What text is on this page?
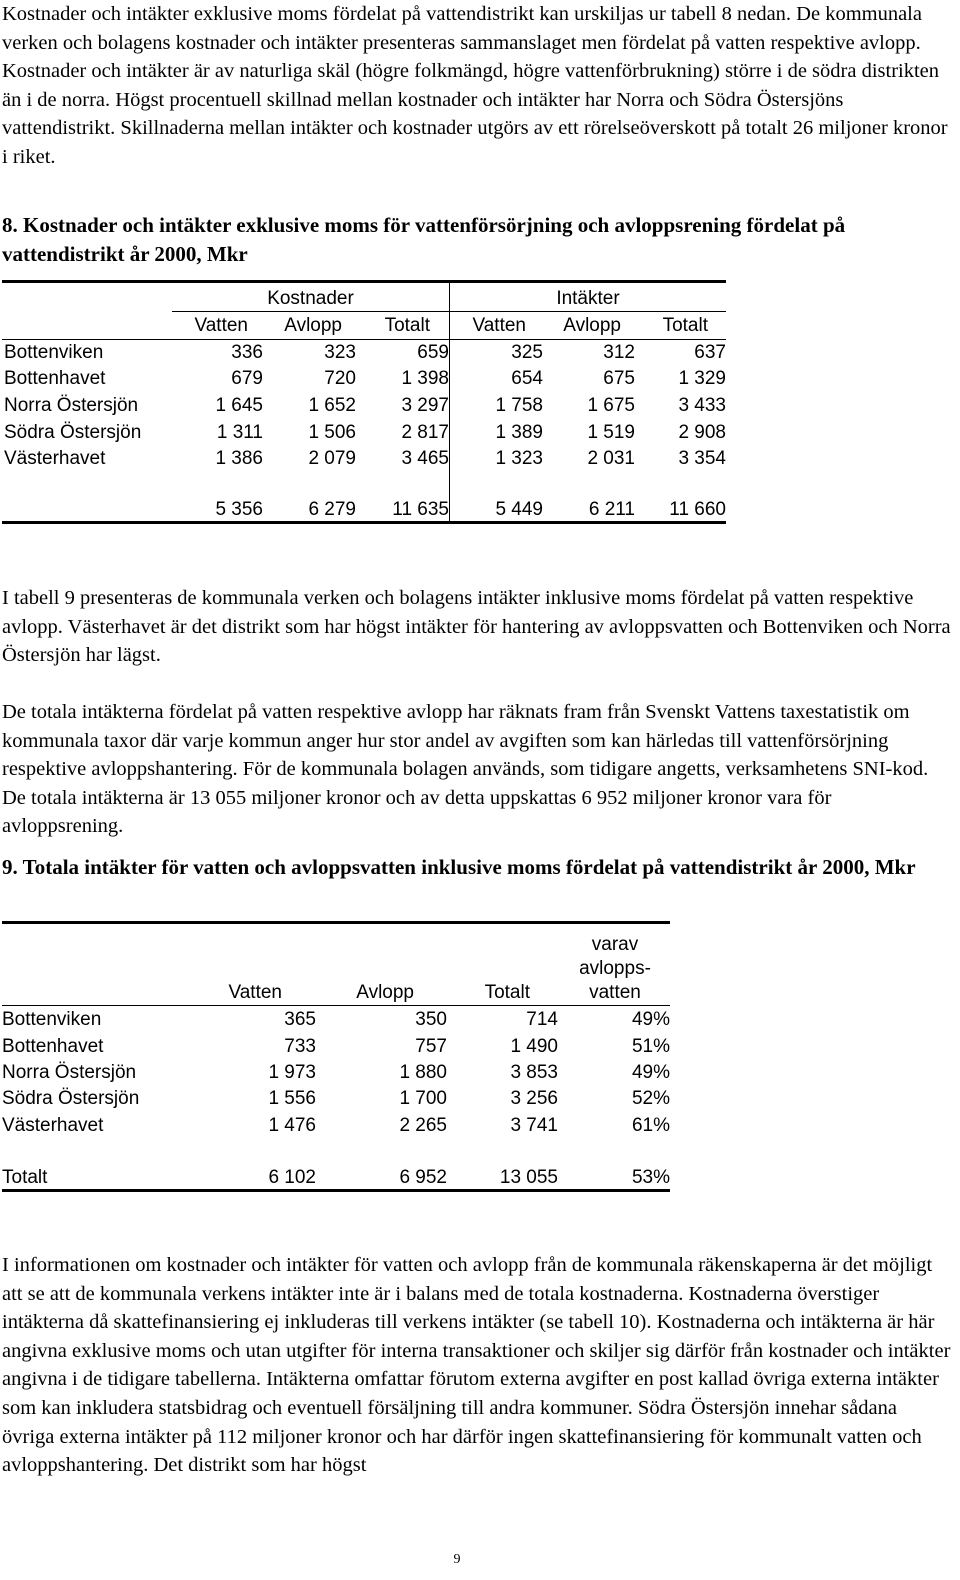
Kostnader och intäkter exklusive moms fördelat på vattendistrikt kan urskiljas ur tabell 8 nedan. De kommunala verken och bolagens kostnader och intäkter presenteras sammanslaget men fördelat på vatten respektive avlopp. Kostnader och intäkter är av naturliga skäl (högre folkmängd, högre vattenförbrukning) större i de södra distrikten än i de norra. Högst procentuell skillnad mellan kostnader och intäkter har Norra och Södra Östersjöns vattendistrikt. Skillnaderna mellan intäkter och kostnader utgörs av ett rörelseöverskott på totalt 26 miljoner kronor i riket.

8. Kostnader och intäkter exklusive moms för vattenförsörjning och avloppsrening fördelat på vattendistrikt år 2000, Mkr

Kostnader	Intäkter
Vatten	Avlopp	Totalt	Vatten	Avlopp	Totalt
Bottenviken	336	323	659	325	312	637
Bottenhavet	679	720	1 398	654	675	1 329
Norra Östersjön	1 645	1 652	3 297	1 758	1 675	3 433
Södra Östersjön	1 311	1 506	2 817	1 389	1 519	2 908
Västerhavet	1 386	2 079	3 465	1 323	2 031	3 354
5 356	6 279	11 635	5 449	6 211	11 660

I tabell 9 presenteras de kommunala verken och bolagens intäkter inklusive moms fördelat på vatten respektive avlopp. Västerhavet är det distrikt som har högst intäkter för hantering av avloppsvatten och Bottenviken och Norra Östersjön har lägst.

De totala intäkterna fördelat på vatten respektive avlopp har räknats fram från Svenskt Vattens taxestatistik om kommunala taxor där varje kommun anger hur stor andel av avgiften som kan härledas till vattenförsörjning respektive avloppshantering. För de kommunala bolagen används, som tidigare angetts, verksamhetens SNI-kod. De totala intäkterna är 13 055 miljoner kronor och av detta uppskattas 6 952 miljoner kronor vara för avloppsrening.

9. Totala intäkter för vatten och avloppsvatten inklusive moms fördelat på vattendistrikt år 2000, Mkr

varav
avlopps-
vatten
Vatten	Avlopp	Totalt
Bottenviken	365	350	714	49%
Bottenhavet	733	757	1 490	51%
Norra Östersjön	1 973	1 880	3 853	49%
Södra Östersjön	1 556	1 700	3 256	52%
Västerhavet	1 476	2 265	3 741	61%
Totalt	6 102	6 952	13 055	53%

I informationen om kostnader och intäkter för vatten och avlopp från de kommunala räkenskaperna är det möjligt att se att de kommunala verkens intäkter inte är i balans med de totala kostnaderna. Kostnaderna överstiger intäkterna då skattefinansiering ej inkluderas till verkens intäkter (se tabell 10). Kostnaderna och intäkterna är här angivna exklusive moms och utan utgifter för interna transaktioner och skiljer sig därför från kostnader och intäkter angivna i de tidigare tabellerna. Intäkterna omfattar förutom externa avgifter en post kallad övriga externa intäkter som kan inkludera statsbidrag och eventuell försäljning till andra kommuner. Södra Östersjön innehar sådana övriga externa intäkter på 112 miljoner kronor och har därför ingen skattefinansiering för kommunalt vatten och avloppshantering. Det distrikt som har högst

9
